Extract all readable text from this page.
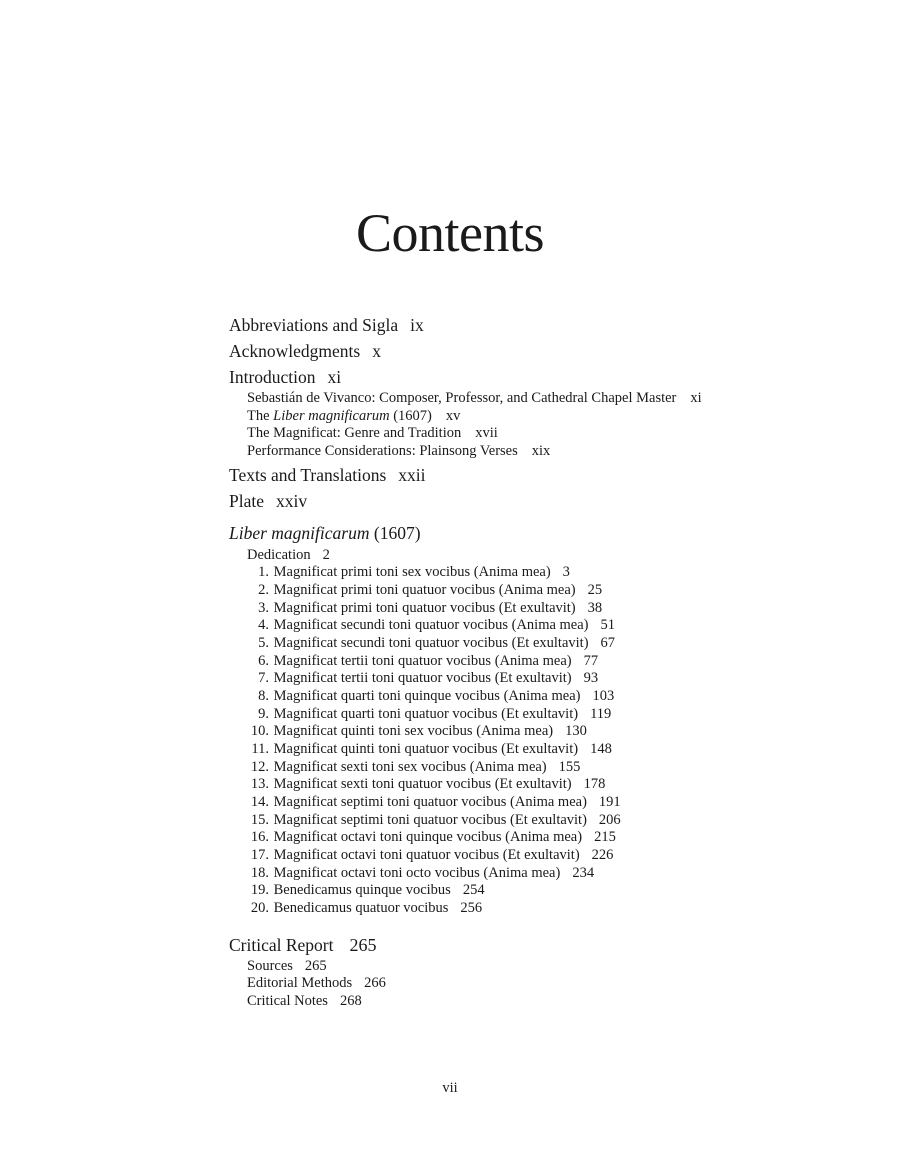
Contents
Abbreviations and Sigla ix
Acknowledgments x
Introduction xi
Sebastián de Vivanco: Composer, Professor, and Cathedral Chapel Master xi
The Liber magnificarum (1607) xv
The Magnificat: Genre and Tradition xvii
Performance Considerations: Plainsong Verses xix
Texts and Translations xxii
Plate xxiv
Liber magnificarum (1607)
Dedication 2
1. Magnificat primi toni sex vocibus (Anima mea) 3
2. Magnificat primi toni quatuor vocibus (Anima mea) 25
3. Magnificat primi toni quatuor vocibus (Et exultavit) 38
4. Magnificat secundi toni quatuor vocibus (Anima mea) 51
5. Magnificat secundi toni quatuor vocibus (Et exultavit) 67
6. Magnificat tertii toni quatuor vocibus (Anima mea) 77
7. Magnificat tertii toni quatuor vocibus (Et exultavit) 93
8. Magnificat quarti toni quinque vocibus (Anima mea) 103
9. Magnificat quarti toni quatuor vocibus (Et exultavit) 119
10. Magnificat quinti toni sex vocibus (Anima mea) 130
11. Magnificat quinti toni quatuor vocibus (Et exultavit) 148
12. Magnificat sexti toni sex vocibus (Anima mea) 155
13. Magnificat sexti toni quatuor vocibus (Et exultavit) 178
14. Magnificat septimi toni quatuor vocibus (Anima mea) 191
15. Magnificat septimi toni quatuor vocibus (Et exultavit) 206
16. Magnificat octavi toni quinque vocibus (Anima mea) 215
17. Magnificat octavi toni quatuor vocibus (Et exultavit) 226
18. Magnificat octavi toni octo vocibus (Anima mea) 234
19. Benedicamus quinque vocibus 254
20. Benedicamus quatuor vocibus 256
Critical Report 265
Sources 265
Editorial Methods 266
Critical Notes 268
vii
